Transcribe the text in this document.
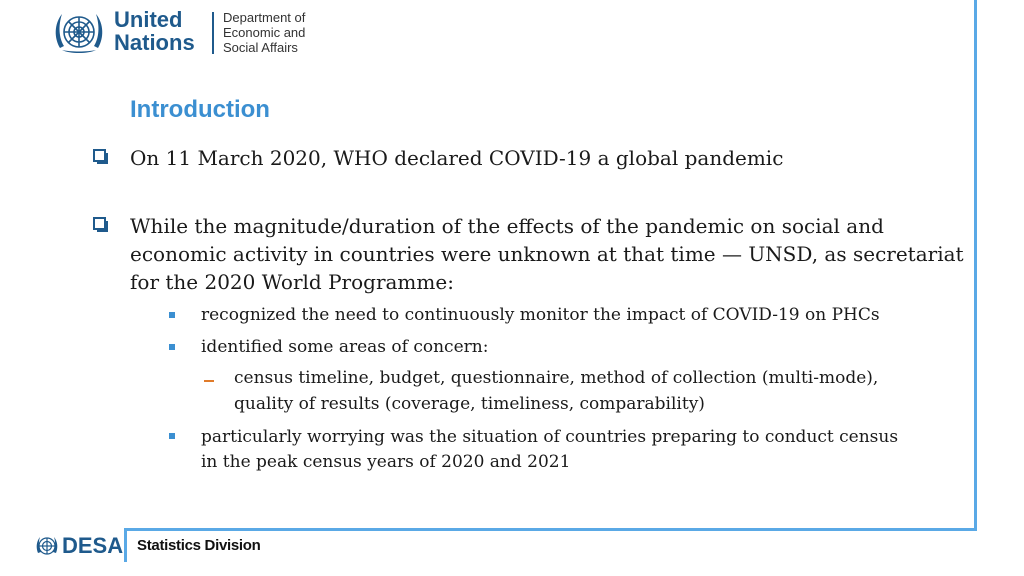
United
Nations
Department of
Economic and
Social Affairs
Introduction
On 11 March 2020, WHO declared COVID-19 a global pandemic
While the magnitude/duration of the effects of the pandemic on social and
economic activity in countries were unknown at that time — UNSD, as secretariat
for the 2020 World Programme:
recognized the need to continuously monitor the impact of COVID-19 on PHCs
identified some areas of concern:
census timeline, budget, questionnaire, method of collection (multi-mode),
quality of results (coverage, timeliness, comparability)
particularly worrying was the situation of countries preparing to conduct census
in the peak census years of 2020 and 2021
DESA Statistics Division
